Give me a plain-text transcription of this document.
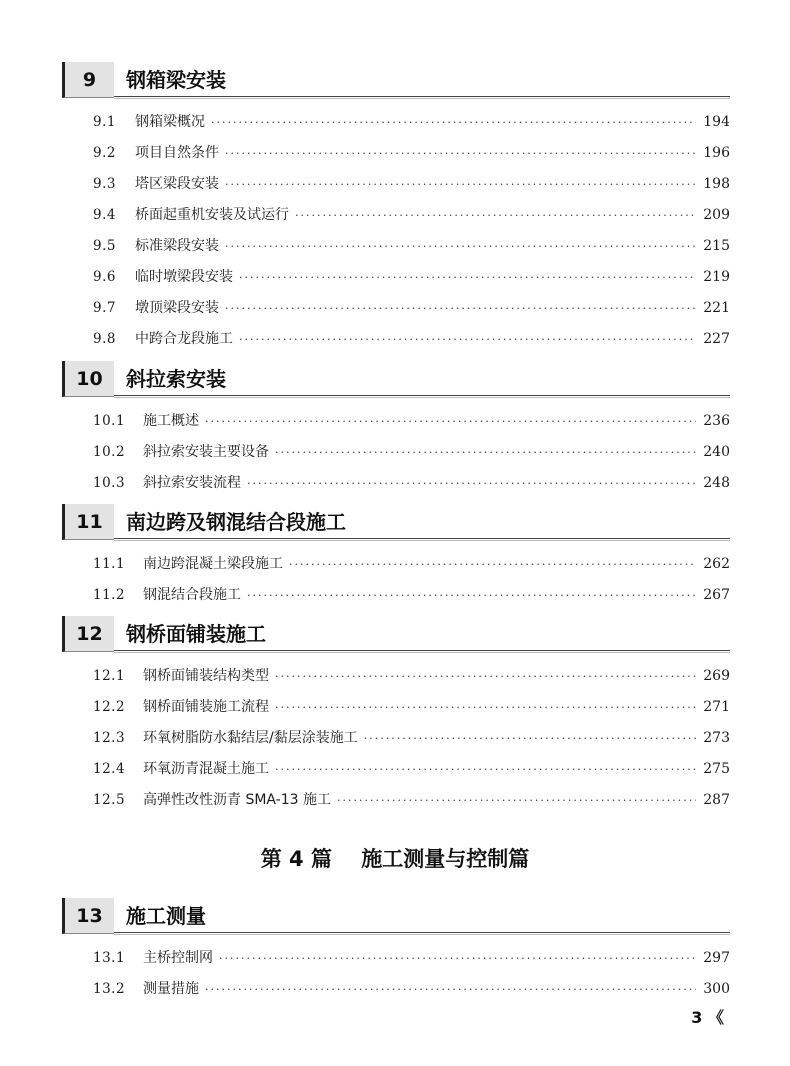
9	钢箱梁安装
9.1	钢箱梁概况 ·····	194
9.2	项目自然条件 ·····	196
9.3	塔区梁段安装 ·····	198
9.4	桥面起重机安装及试运行 ·····	209
9.5	标准梁段安装 ·····	215
9.6	临时墩梁段安装 ·····	219
9.7	墩顶梁段安装 ·····	221
9.8	中跨合龙段施工 ·····	227
10	斜拉索安装
10.1	施工概述 ·····	236
10.2	斜拉索安装主要设备 ·····	240
10.3	斜拉索安装流程 ·····	248
11	南边跨及钢混结合段施工
11.1	南边跨混凝土梁段施工 ·····	262
11.2	钢混结合段施工 ·····	267
12	钢桥面铺装施工
12.1	钢桥面铺装结构类型 ·····	269
12.2	钢桥面铺装施工流程 ·····	271
12.3	环氧树脂防水黏结层/黏层涂装施工 ·····	273
12.4	环氧沥青混凝土施工 ·····	275
12.5	高弹性改性沥青 SMA-13 施工 ·····	287
第 4 篇    施工测量与控制篇
13	施工测量
13.1	主桥控制网 ·····	297
13.2	测量措施 ·····	300
3 《
